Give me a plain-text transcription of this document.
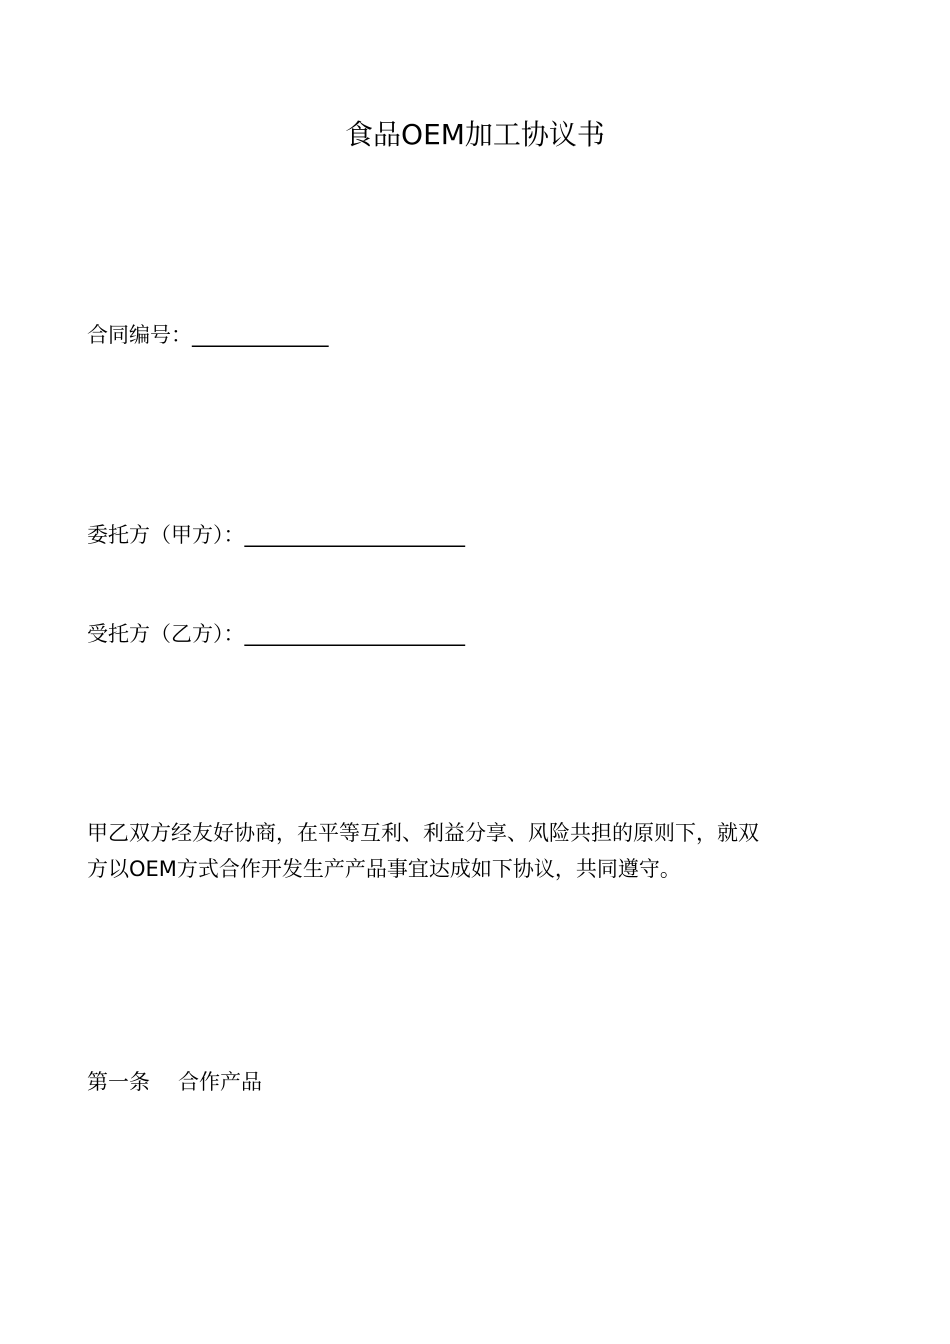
食品OEM加工协议书
合同编号：_____________
委托方（甲方）：_____________________
受托方（乙方）：_____________________
甲乙双方经友好协商，在平等互利、利益分享、风险共担的原则下，就双
方以OEM方式合作开发生产产品事宜达成如下协议，共同遵守。
第一条 合作产品
